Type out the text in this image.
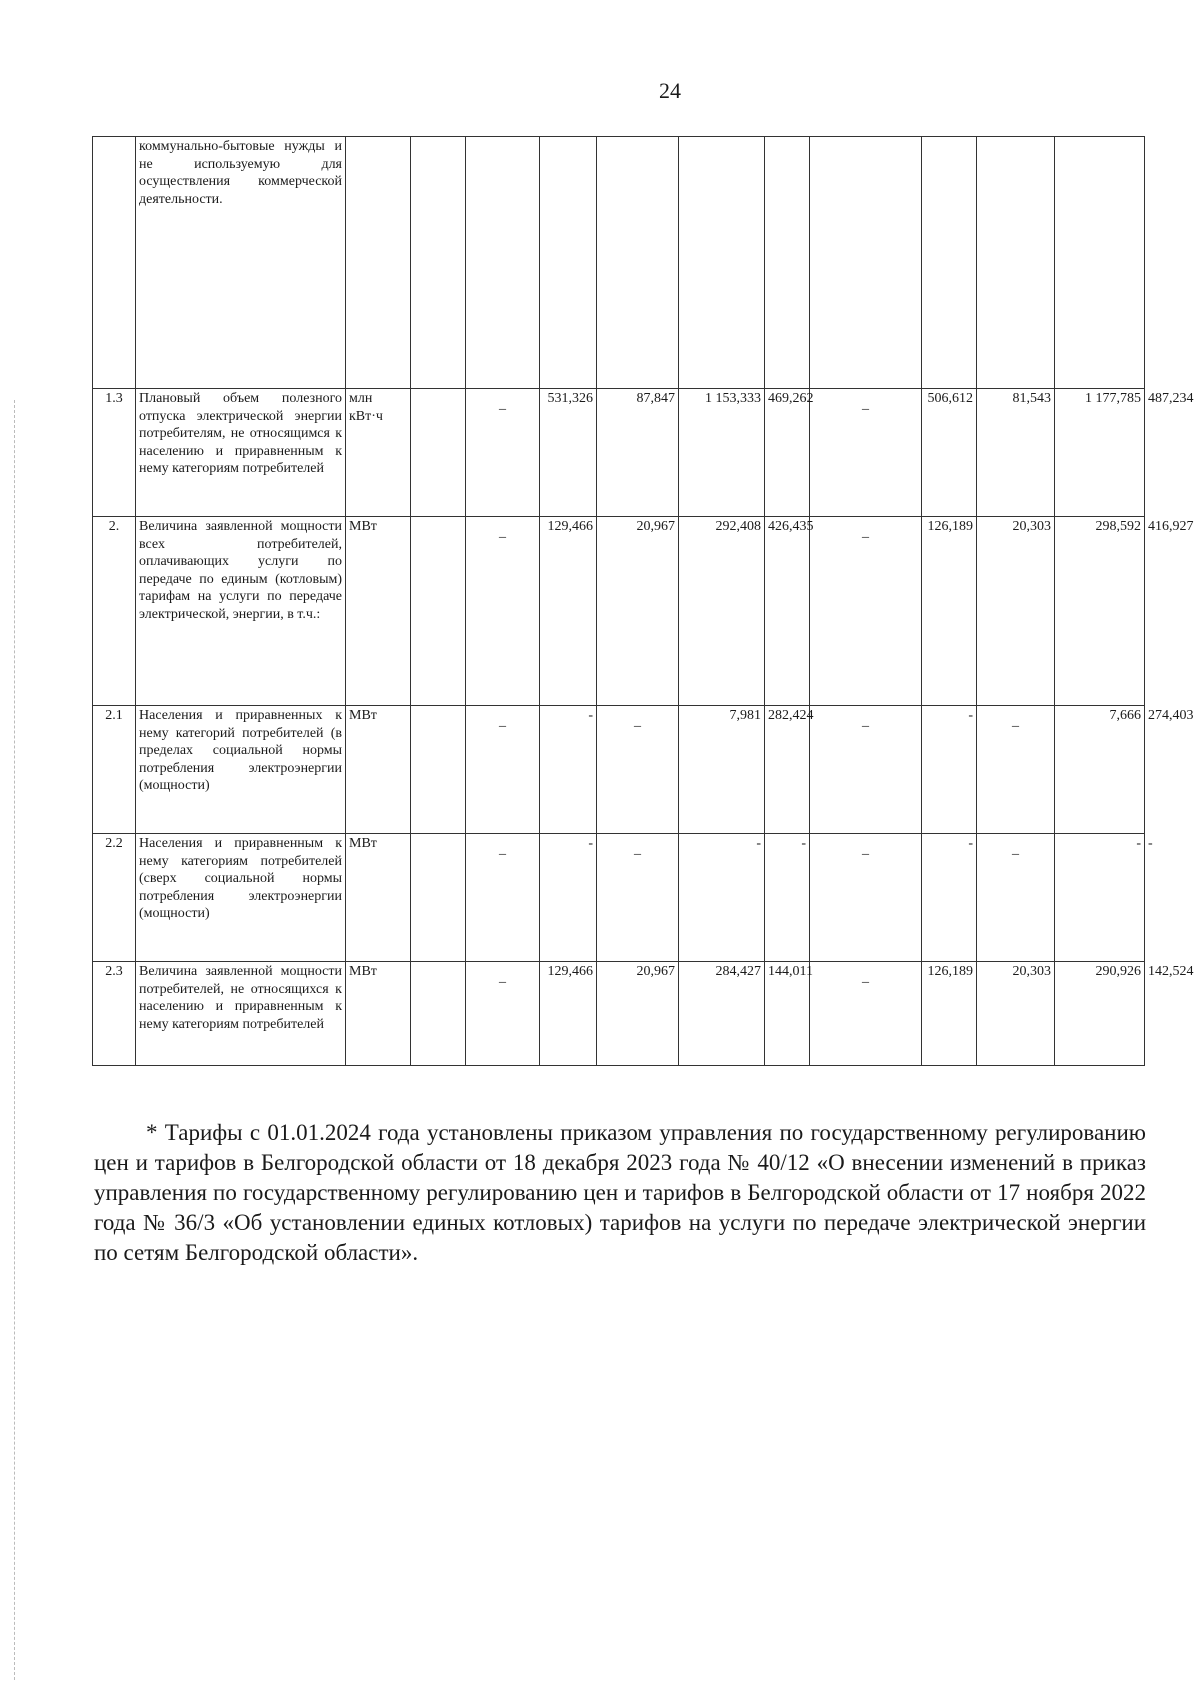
24
	коммунально-бытовые нужды и не используемую для осуществления коммерческой деятельности.												
1.3	Плановый объем полезного отпуска электрической энергии потребителям, не относящимся к населению и приравненным к нему категориям потребителей	млн кВт·ч		_	531,326	87,847	1 153,333	469,262	_	506,612	81,543	1 177,785	487,234
2.	Величина заявленной мощности всех потребителей, оплачивающих услуги по передаче по единым (котловым) тарифам на услуги по передаче электрической, энергии, в т.ч.:	МВт		_	129,466	20,967	292,408	426,435	_	126,189	20,303	298,592	416,927
2.1	Населения и приравненных к нему категорий потребителей (в пределах социальной нормы потребления электроэнергии (мощности)	МВт		_	-	_	7,981	282,424	_	-	_	7,666	274,403
2.2	Населения и приравненным к нему категориям потребителей (сверх социальной нормы потребления электроэнергии (мощности)	МВт		_	-	_	-	-	_	-	_	-	-
2.3	Величина заявленной мощности потребителей, не относящихся к населению и приравненным к нему категориям потребителей	МВт		_	129,466	20,967	284,427	144,011	_	126,189	20,303	290,926	142,524
* Тарифы с 01.01.2024 года установлены приказом управления по государственному регулированию цен и тарифов в Белгородской области от 18 декабря 2023 года № 40/12 «О внесении изменений в приказ управления по государственному регулированию цен и тарифов в Белгородской области от 17 ноября 2022 года № 36/3 «Об установлении единых котловых) тарифов на услуги по передаче электрической энергии по сетям Белгородской области».
